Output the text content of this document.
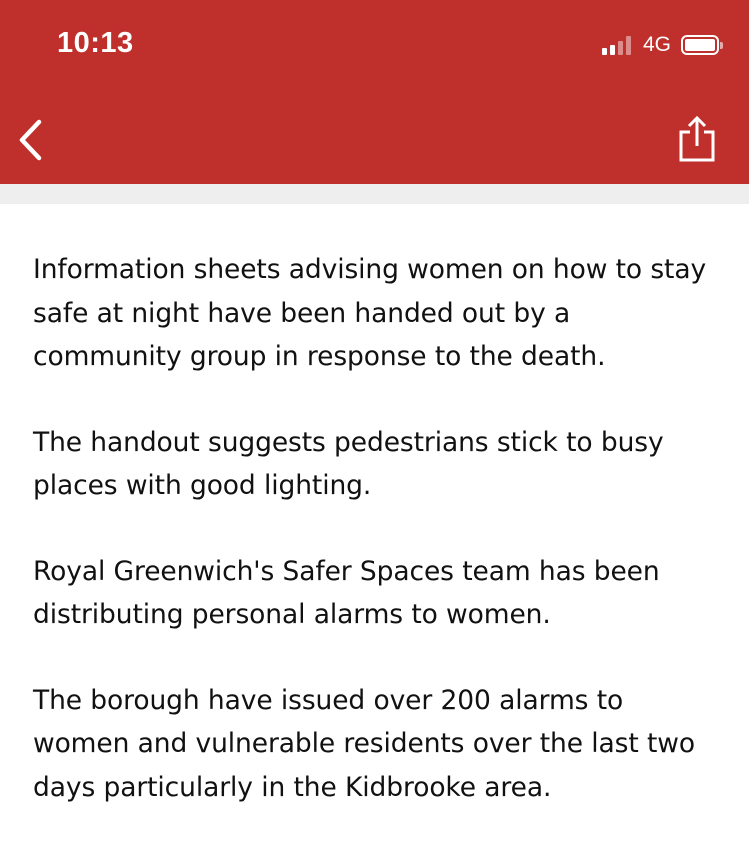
10:13	4G

Information sheets advising women on how to stay safe at night have been handed out by a community group in response to the death.

The handout suggests pedestrians stick to busy places with good lighting.

Royal Greenwich's Safer Spaces team has been distributing personal alarms to women.

The borough have issued over 200 alarms to women and vulnerable residents over the last two days particularly in the Kidbrooke area.
